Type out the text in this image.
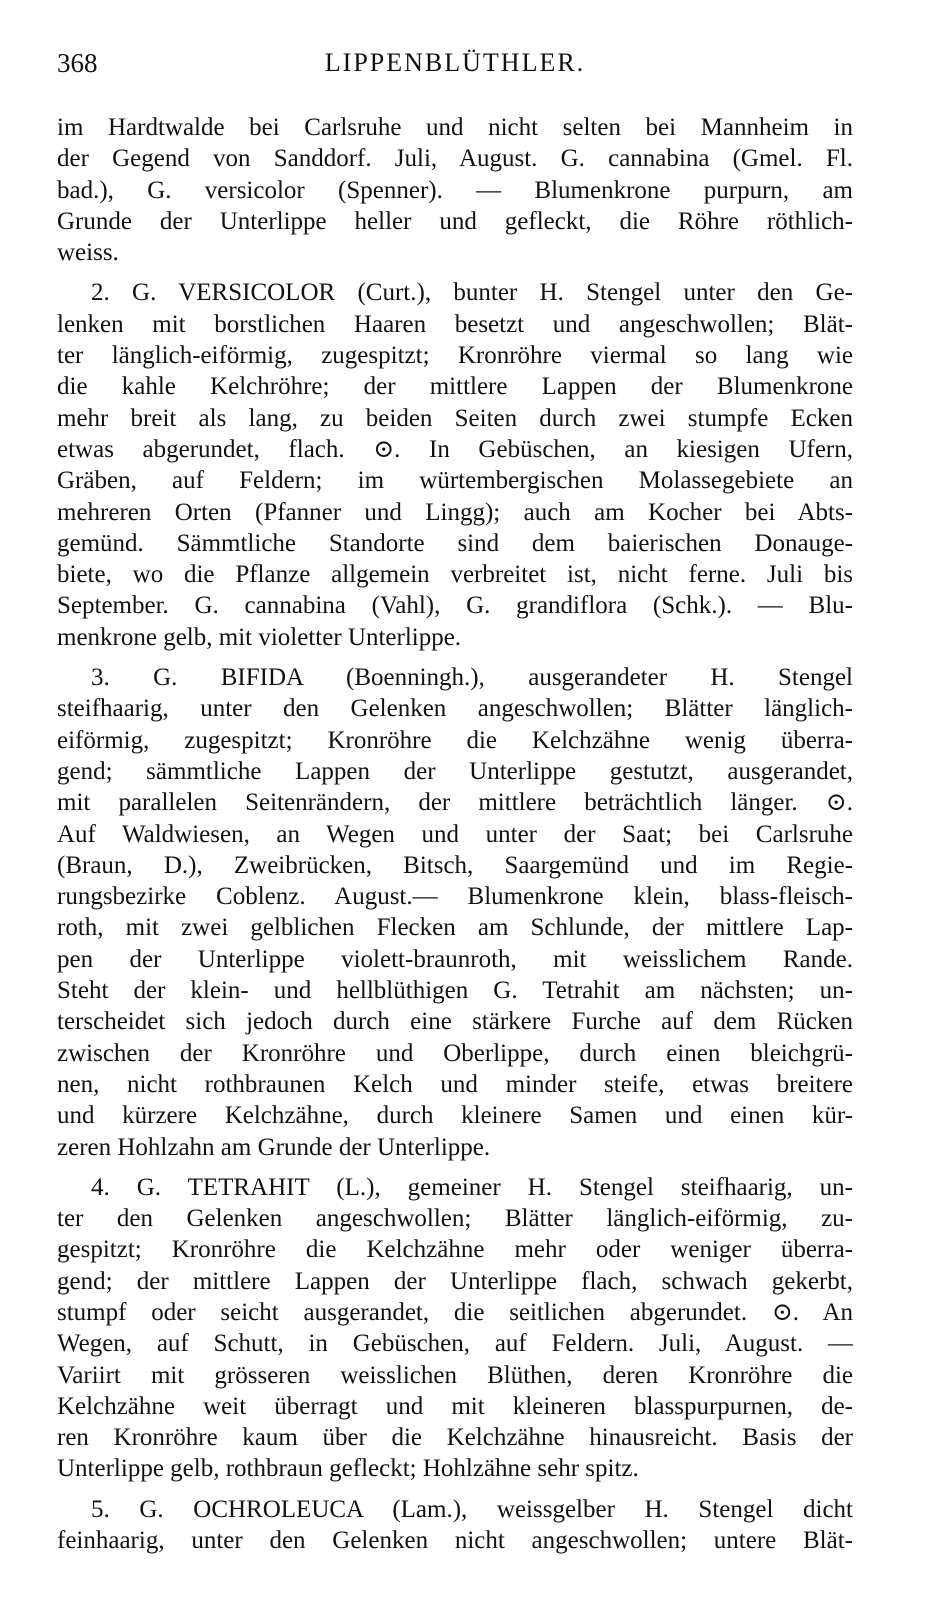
368	LIPPENBLÜTHLER.
im Hardtwalde bei Carlsruhe und nicht selten bei Mannheim in
der Gegend von Sanddorf. Juli, August. G. cannabina (Gmel. Fl.
bad.), G. versicolor (Spenner). — Blumenkrone purpurn, am
Grunde der Unterlippe heller und gefleckt, die Röhre röthlich-
weiss.
2. G. VERSICOLOR (Curt.), bunter H. Stengel unter den Ge-
lenken mit borstlichen Haaren besetzt und angeschwollen; Blät-
ter länglich-eiförmig, zugespitzt; Kronröhre viermal so lang wie
die kahle Kelchröhre; der mittlere Lappen der Blumenkrone
mehr breit als lang, zu beiden Seiten durch zwei stumpfe Ecken
etwas abgerundet, flach. ⊙. In Gebüschen, an kiesigen Ufern,
Gräben, auf Feldern; im würtembergischen Molassegebiete an
mehreren Orten (Pfanner und Lingg); auch am Kocher bei Abts-
gemünd. Sämmtliche Standorte sind dem baierischen Donauge-
biete, wo die Pflanze allgemein verbreitet ist, nicht ferne. Juli bis
September. G. cannabina (Vahl), G. grandiflora (Schk.). — Blu-
menkrone gelb, mit violetter Unterlippe.
3. G. BIFIDA (Boenningh.), ausgerandeter H. Stengel
steifhaarig, unter den Gelenken angeschwollen; Blätter länglich-
eiförmig, zugespitzt; Kronröhre die Kelchzähne wenig überra-
gend; sämmtliche Lappen der Unterlippe gestutzt, ausgerandet,
mit parallelen Seitenrändern, der mittlere beträchtlich länger. ⊙.
Auf Waldwiesen, an Wegen und unter der Saat; bei Carlsruhe
(Braun, D.), Zweibrücken, Bitsch, Saargemünd und im Regie-
rungsbezirke Coblenz. August.— Blumenkrone klein, blass-fleisch-
roth, mit zwei gelblichen Flecken am Schlunde, der mittlere Lap-
pen der Unterlippe violett-braunroth, mit weisslichem Rande.
Steht der klein- und hellblüthigen G. Tetrahit am nächsten; un-
terscheidet sich jedoch durch eine stärkere Furche auf dem Rücken
zwischen der Kronröhre und Oberlippe, durch einen bleichgrü-
nen, nicht rothbraunen Kelch und minder steife, etwas breitere
und kürzere Kelchzähne, durch kleinere Samen und einen kür-
zeren Hohlzahn am Grunde der Unterlippe.
4. G. TETRAHIT (L.), gemeiner H. Stengel steifhaarig, un-
ter den Gelenken angeschwollen; Blätter länglich-eiförmig, zu-
gespitzt; Kronröhre die Kelchzähne mehr oder weniger überra-
gend; der mittlere Lappen der Unterlippe flach, schwach gekerbt,
stumpf oder seicht ausgerandet, die seitlichen abgerundet. ⊙. An
Wegen, auf Schutt, in Gebüschen, auf Feldern. Juli, August. —
Variirt mit grösseren weisslichen Blüthen, deren Kronröhre die
Kelchzähne weit überragt und mit kleineren blasspurpurnen, de-
ren Kronröhre kaum über die Kelchzähne hinausreicht. Basis der
Unterlippe gelb, rothbraun gefleckt; Hohlzähne sehr spitz.
5. G. OCHROLEUCA (Lam.), weissgelber H. Stengel dicht
feinhaarig, unter den Gelenken nicht angeschwollen; untere Blät-
